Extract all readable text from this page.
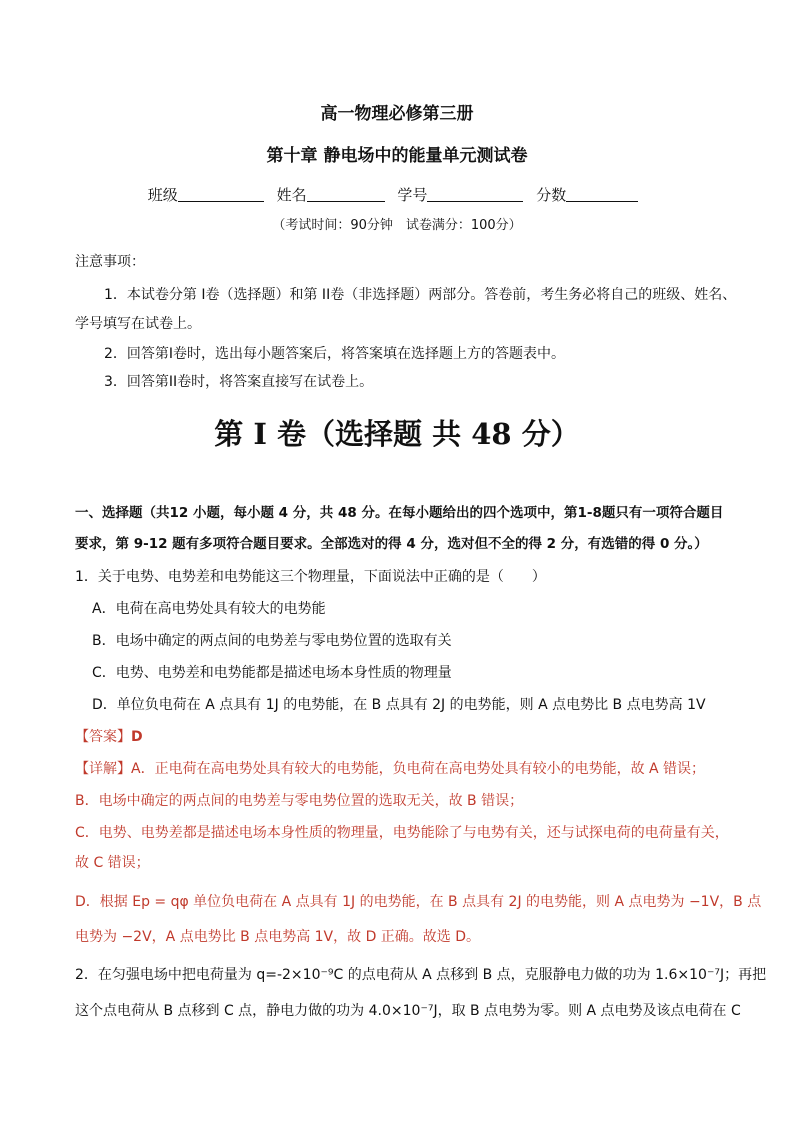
高一物理必修第三册
第十章 静电场中的能量单元测试卷
班级	姓名	学号	分数
（考试时间：90分钟　试卷满分：100分）
注意事项：
1．本试卷分第 I卷（选择题）和第 II卷（非选择题）两部分。答卷前，考生务必将自己的班级、姓名、
学号填写在试卷上。
2．回答第I卷时，选出每小题答案后，将答案填在选择题上方的答题表中。
3．回答第II卷时，将答案直接写在试卷上。
第 I 卷（选择题 共 48 分）
一、选择题（共12 小题，每小题 4 分，共 48 分。在每小题给出的四个选项中，第1-8题只有一项符合题目
要求，第 9-12 题有多项符合题目要求。全部选对的得 4 分，选对但不全的得 2 分，有选错的得 0 分。）
1．关于电势、电势差和电势能这三个物理量，下面说法中正确的是（　　）
A．电荷在高电势处具有较大的电势能
B．电场中确定的两点间的电势差与零电势位置的选取有关
C．电势、电势差和电势能都是描述电场本身性质的物理量
D．单位负电荷在 A 点具有 1J 的电势能，在 B 点具有 2J 的电势能，则 A 点电势比 B 点电势高 1V
【答案】D
【详解】A．正电荷在高电势处具有较大的电势能，负电荷在高电势处具有较小的电势能，故 A 错误；
B．电场中确定的两点间的电势差与零电势位置的选取无关，故 B 错误；
C．电势、电势差都是描述电场本身性质的物理量，电势能除了与电势有关，还与试探电荷的电荷量有关，
故 C 错误；
D．根据 Ep = qφ 单位负电荷在 A 点具有 1J 的电势能，在 B 点具有 2J 的电势能，则 A 点电势为 −1V，B 点
电势为 −2V，A 点电势比 B 点电势高 1V，故 D 正确。故选 D。
2．在匀强电场中把电荷量为 q=-2×10⁻⁹C 的点电荷从 A 点移到 B 点，克服静电力做的功为 1.6×10⁻⁷J；再把
这个点电荷从 B 点移到 C 点，静电力做的功为 4.0×10⁻⁷J，取 B 点电势为零。则 A 点电势及该点电荷在 C
